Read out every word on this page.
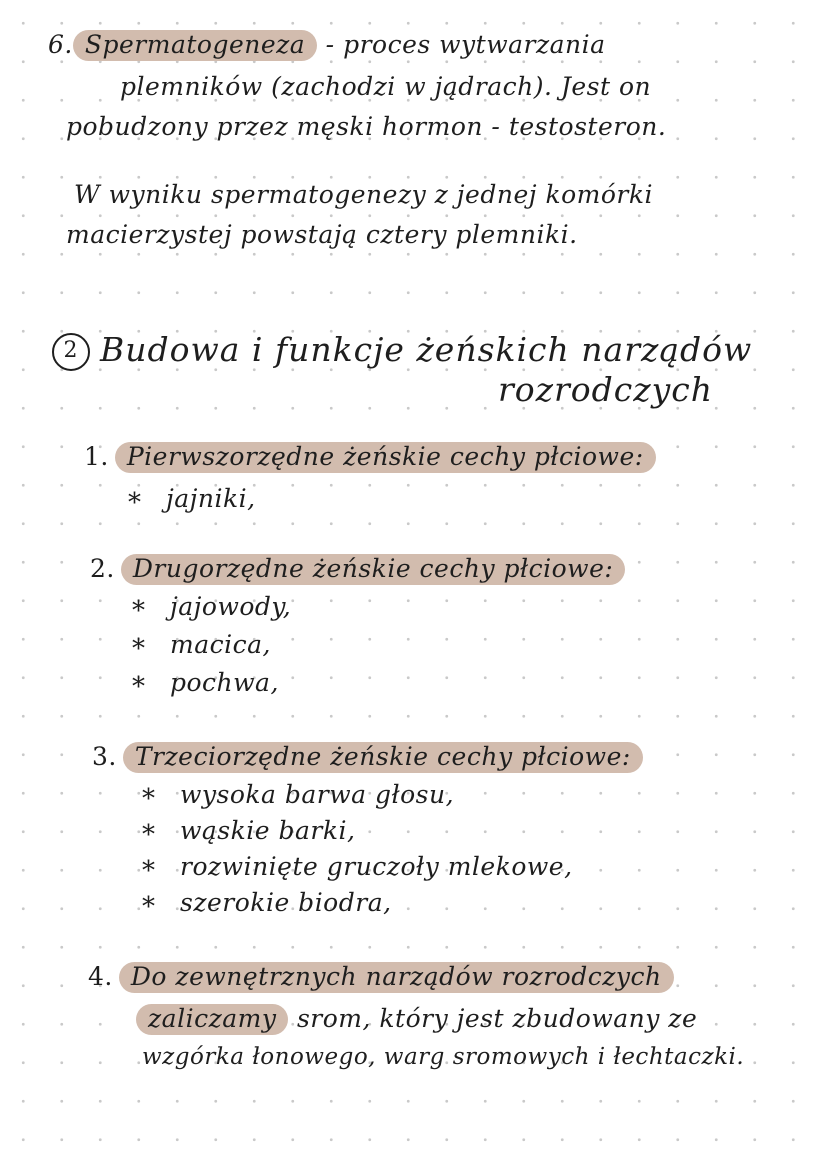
6. Spermatogeneza - proces wytwarzania
plemników (zachodzi w jądrach). Jest on
pobudzony przez męski hormon - testosteron.
W wyniku spermatogenezy z jednej komórki
macierzystej powstają cztery plemniki.
2 Budowa i funkcje żeńskich narządów
rozrodczych
1. Pierwszorzędne żeńskie cechy płciowe:
* jajniki,
2. Drugorzędne żeńskie cechy płciowe:
* jajowody,
* macica,
* pochwa,
3. Trzeciorzędne żeńskie cechy płciowe:
* wysoka barwa głosu,
* wąskie barki,
* rozwinięte gruczoły mlekowe,
* szerokie biodra,
4. Do zewnętrznych narządów rozrodczych
zaliczamy srom, który jest zbudowany ze
wzgórka łonowego, warg sromowych i łechtaczki.
